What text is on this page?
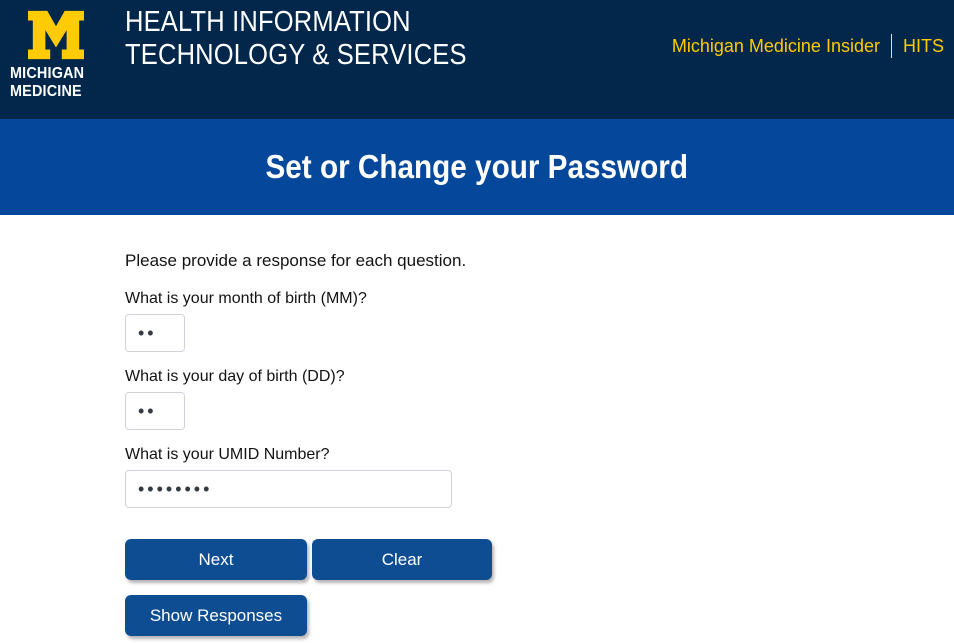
MICHIGAN
MEDICINE
HEALTH INFORMATION
TECHNOLOGY & SERVICES	Michigan Medicine Insider HITS
Set or Change your Password

Please provide a response for each question.

What is your month of birth (MM)?
What is your day of birth (DD)?
What is your UMID Number?
Next	Clear
Show Responses
